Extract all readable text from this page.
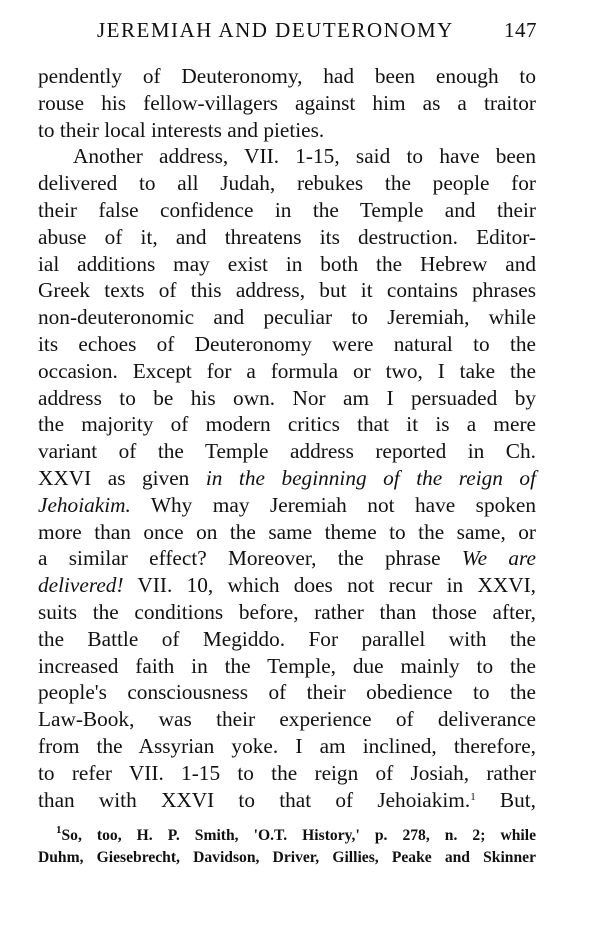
JEREMIAH AND DEUTERONOMY 147
pendently of Deuteronomy, had been enough to
rouse his fellow-villagers against him as a traitor
to their local interests and pieties.
Another address, VII. 1-15, said to have been
delivered to all Judah, rebukes the people for
their false confidence in the Temple and their
abuse of it, and threatens its destruction. Editor-
ial additions may exist in both the Hebrew and
Greek texts of this address, but it contains phrases
non-deuteronomic and peculiar to Jeremiah, while
its echoes of Deuteronomy were natural to the
occasion. Except for a formula or two, I take the
address to be his own. Nor am I persuaded by
the majority of modern critics that it is a mere
variant of the Temple address reported in Ch.
XXVI as given in the beginning of the reign of
Jehoiakim. Why may Jeremiah not have spoken
more than once on the same theme to the same, or
a similar effect? Moreover, the phrase We are
delivered! VII. 10, which does not recur in XXVI,
suits the conditions before, rather than those after,
the Battle of Megiddo. For parallel with the
increased faith in the Temple, due mainly to the
people's consciousness of their obedience to the
Law-Book, was their experience of deliverance
from the Assyrian yoke. I am inclined, therefore,
to refer VII. 1-15 to the reign of Josiah, rather
than with XXVI to that of Jehoiakim.$^1$ But,
$^1$So, too, H. P. Smith, 'O.T. History,' p. 278, n. 2; while
Duhm, Giesebrecht, Davidson, Driver, Gillies, Peake and Skinner
